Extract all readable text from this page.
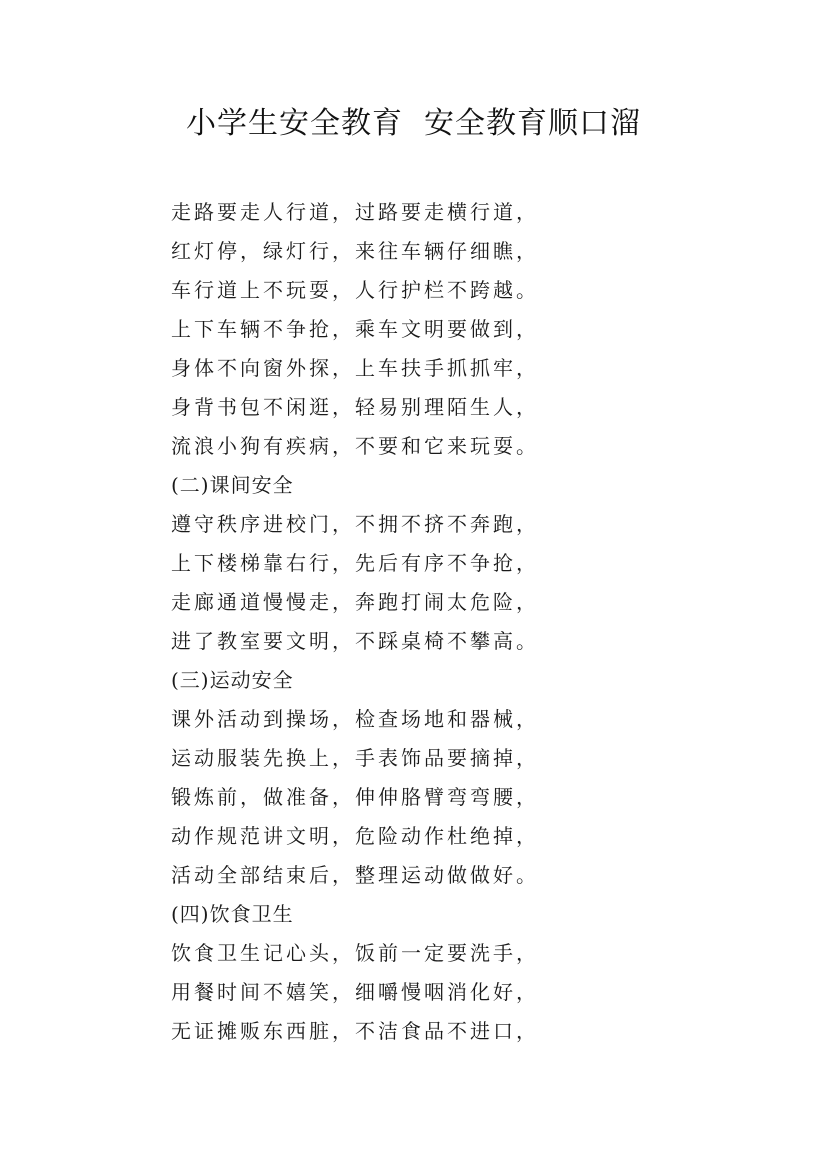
小学生安全教育  安全教育顺口溜
走路要走人行道，过路要走横行道，
红灯停，绿灯行，来往车辆仔细瞧，
车行道上不玩耍，人行护栏不跨越。
上下车辆不争抢，乘车文明要做到，
身体不向窗外探，上车扶手抓抓牢，
身背书包不闲逛，轻易别理陌生人，
流浪小狗有疾病，不要和它来玩耍。
(二)课间安全
遵守秩序进校门，不拥不挤不奔跑，
上下楼梯靠右行，先后有序不争抢，
走廊通道慢慢走，奔跑打闹太危险，
进了教室要文明，不踩桌椅不攀高。
(三)运动安全
课外活动到操场，检查场地和器械，
运动服装先换上，手表饰品要摘掉，
锻炼前，做准备，伸伸胳臂弯弯腰，
动作规范讲文明，危险动作杜绝掉，
活动全部结束后，整理运动做做好。
(四)饮食卫生
饮食卫生记心头，饭前一定要洗手，
用餐时间不嬉笑，细嚼慢咽消化好，
无证摊贩东西脏，不洁食品不进口，
